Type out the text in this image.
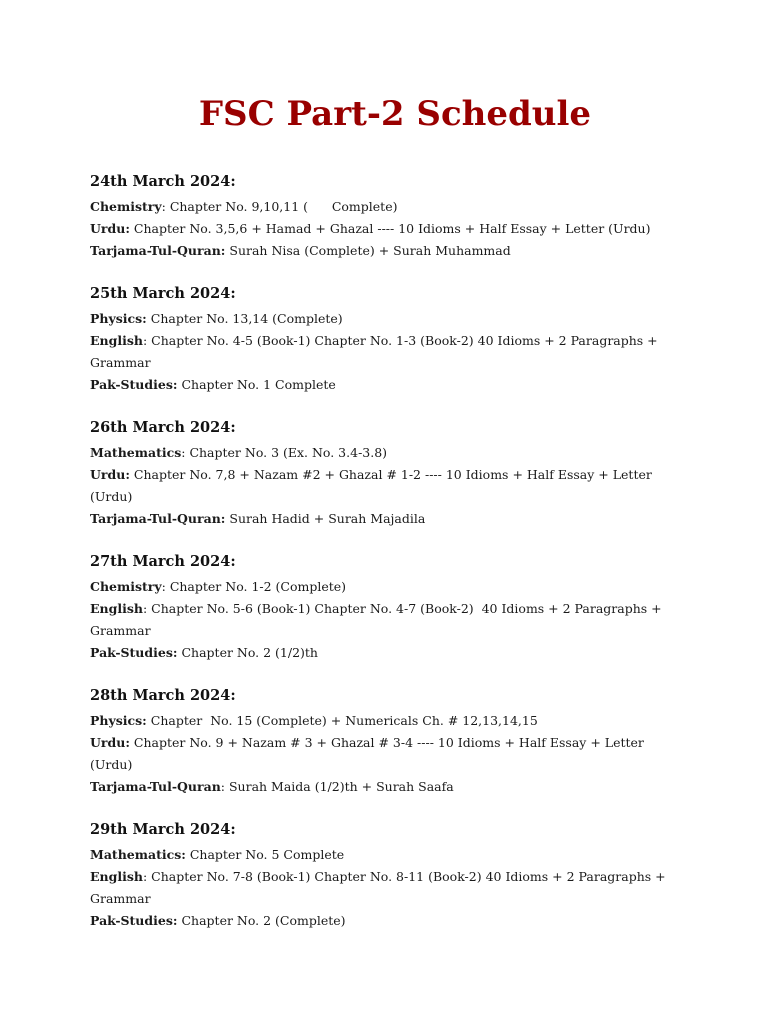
FSC Part-2 Schedule

24th March 2024:

Chemistry: Chapter No. 9,10,11 (      Complete)

Urdu: Chapter No. 3,5,6 + Hamad + Ghazal ---- 10 Idioms + Half Essay + Letter (Urdu)

Tarjama-Tul-Quran: Surah Nisa (Complete) + Surah Muhammad

25th March 2024:

Physics: Chapter No. 13,14 (Complete)

English: Chapter No. 4-5 (Book-1) Chapter No. 1-3 (Book-2) 40 Idioms + 2 Paragraphs + Grammar

Pak-Studies: Chapter No. 1 Complete

26th March 2024:

Mathematics: Chapter No. 3 (Ex. No. 3.4-3.8)

Urdu: Chapter No. 7,8 + Nazam #2 + Ghazal # 1-2 ---- 10 Idioms + Half Essay + Letter (Urdu)

Tarjama-Tul-Quran: Surah Hadid + Surah Majadila

27th March 2024:

Chemistry: Chapter No. 1-2 (Complete)

English: Chapter No. 5-6 (Book-1) Chapter No. 4-7 (Book-2)  40 Idioms + 2 Paragraphs + Grammar

Pak-Studies: Chapter No. 2 (1/2)th

28th March 2024:

Physics: Chapter  No. 15 (Complete) + Numericals Ch. # 12,13,14,15

Urdu: Chapter No. 9 + Nazam # 3 + Ghazal # 3-4 ---- 10 Idioms + Half Essay + Letter (Urdu)

Tarjama-Tul-Quran: Surah Maida (1/2)th + Surah Saafa

29th March 2024:

Mathematics: Chapter No. 5 Complete

English: Chapter No. 7-8 (Book-1) Chapter No. 8-11 (Book-2) 40 Idioms + 2 Paragraphs + Grammar

Pak-Studies: Chapter No. 2 (Complete)
